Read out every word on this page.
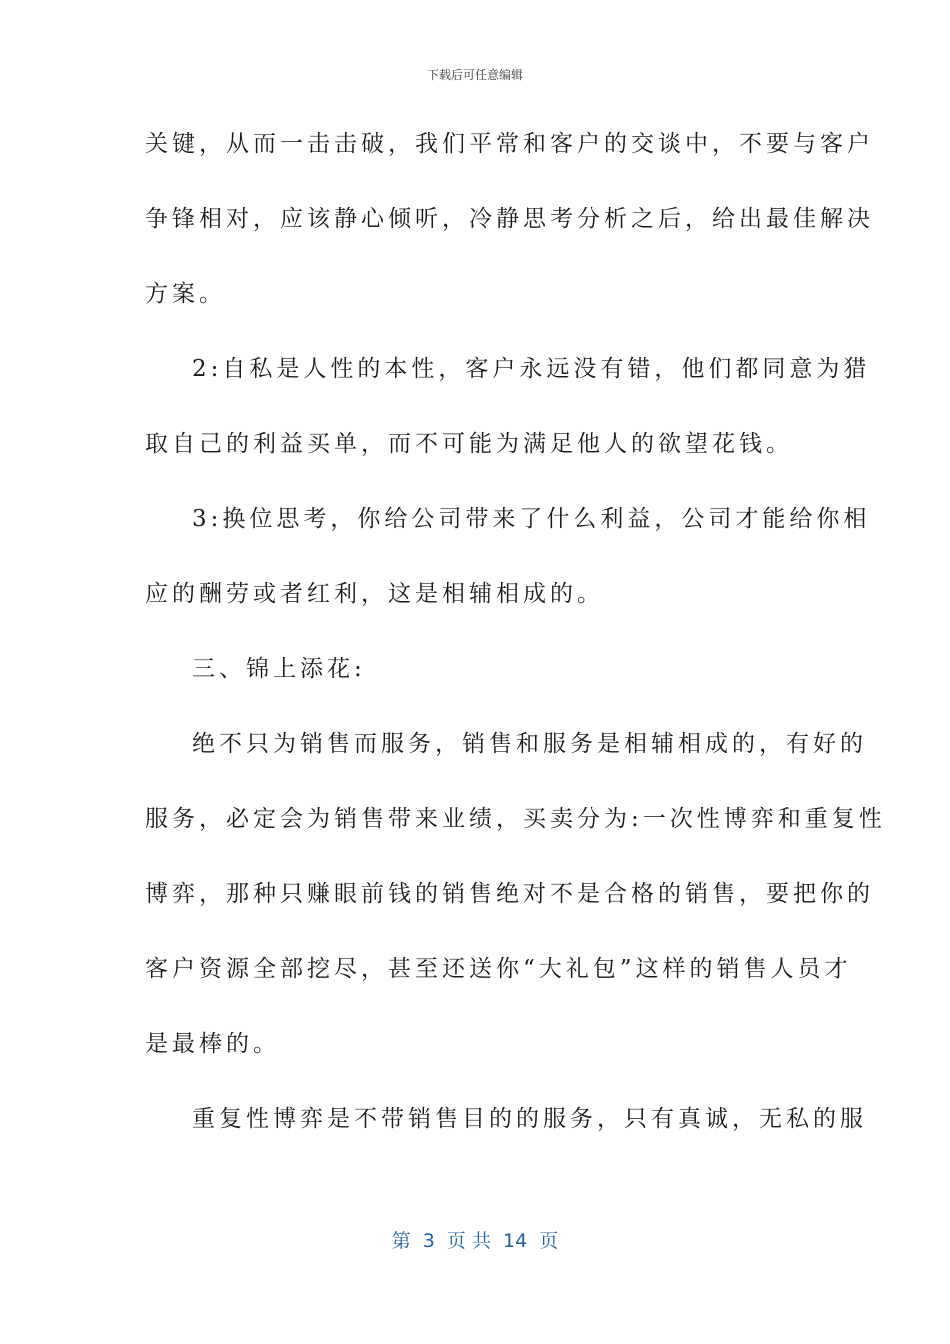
下载后可任意编辑
关键，从而一击击破，我们平常和客户的交谈中，不要与客户
争锋相对，应该静心倾听，冷静思考分析之后，给出最佳解决
方案。
2:自私是人性的本性，客户永远没有错，他们都同意为猎
取自己的利益买单，而不可能为满足他人的欲望花钱。
3:换位思考，你给公司带来了什么利益，公司才能给你相
应的酬劳或者红利，这是相辅相成的。
三、锦上添花:
绝不只为销售而服务，销售和服务是相辅相成的，有好的
服务，必定会为销售带来业绩，买卖分为:一次性博弈和重复性
博弈，那种只赚眼前钱的销售绝对不是合格的销售，要把你的
客户资源全部挖尽，甚至还送你“大礼包”这样的销售人员才
是最棒的。
重复性博弈是不带销售目的的服务，只有真诚，无私的服
第  3  页 共  14  页
